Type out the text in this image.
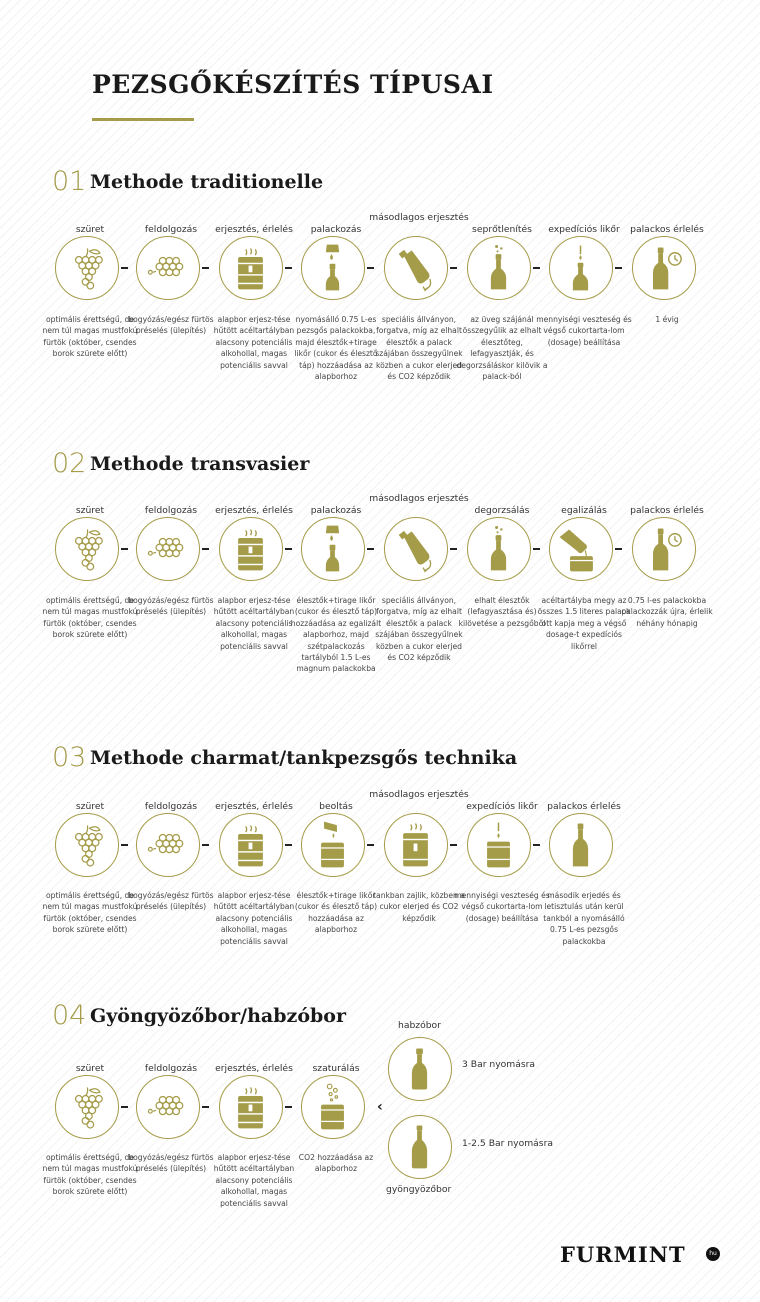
PEZSGŐKÉSZÍTÉS TÍPUSAI
01 Methode traditionelle
02 Methode transvasier
03 Methode charmat/tankpezsgős technika
04 Gyöngyözőbor/habzóbor
szüret
optimális érettségű, de nem túl magas mustfokú fürtök (október, csendes borok szürete előtt)
feldolgozás
bogyózás/egész fürtös préselés (ülepítés)
erjesztés, érlelés
alapbor erjesz-tése hűtött acéltartályban alacsony potenciális alkohollal, magas potenciális savval
palackozás
nyomásálló 0.75 L-es pezsgős palackokba, majd élesztők+tirage likőr (cukor és élesztő táp) hozzáadása az alapborhoz
másodlagos erjesztés
speciális állványon, forgatva, míg az elhalt élesztők a palack szájában összegyűlnek közben a cukor elerjed és CO2 képződik
seprőtlenítés
az üveg szájánál összegyűlik az elhalt élesztőteg, lefagyasztják, és degorzsáláskor kilövik a palack-ból
expedíciós likőr
mennyiségi veszteség és végső cukortarta-lom (dosage) beállítása
palackos érlelés
1 évig
szüret
optimális érettségű, de nem túl magas mustfokú fürtök (október, csendes borok szürete előtt)
feldolgozás
bogyózás/egész fürtös préselés (ülepítés)
erjesztés, érlelés
alapbor erjesz-tése hűtött acéltartályban alacsony potenciális alkohollal, magas potenciális savval
palackozás
élesztők+tirage likőr (cukor és élesztő táp) hozzáadása az egalizált alapborhoz, majd szétpalackozás tartályból 1.5 L-es magnum palackokba
másodlagos erjesztés
speciális állványon, forgatva, míg az elhalt élesztők a palack szájában összegyűlnek közben a cukor elerjed és CO2 képződik
degorzsálás
elhalt élesztők (lefagyasztása és) kilövetése a pezsgőből
egalizálás
acéltartályba megy az összes 1.5 literes palack ott kapja meg a végső dosage-t expedíciós likőrrel
palackos érlelés
0.75 l-es palackokba palackozzák újra, érlelik néhány hónapig
szüret
optimális érettségű, de nem túl magas mustfokú fürtök (október, csendes borok szürete előtt)
feldolgozás
bogyózás/egész fürtös préselés (ülepítés)
erjesztés, érlelés
alapbor erjesz-tése hűtött acéltartályban alacsony potenciális alkohollal, magas potenciális savval
beoltás
élesztők+tirage likőr (cukor és élesztő táp) hozzáadása az alapborhoz
másodlagos erjesztés
tankban zajlik, közben a cukor elerjed és CO2 képződik
expedíciós likőr
mennyiségi veszteség és végső cukortarta-lom (dosage) beállítása
palackos érlelés
második erjedés és letisztulás után kerül tankból a nyomásálló 0.75 L-es pezsgős palackokba
szüret
optimális érettségű, de nem túl magas mustfokú fürtök (október, csendes borok szürete előtt)
feldolgozás
bogyózás/egész fürtös préselés (ülepítés)
erjesztés, érlelés
alapbor erjesz-tése hűtött acéltartályban alacsony potenciális alkohollal, magas potenciális savval
szaturálás
CO2 hozzáadása az alapborhoz
‹
habzóbor
3 Bar nyomásra
1-2.5 Bar nyomásra
gyöngyözőbor
FURMINT	hu
